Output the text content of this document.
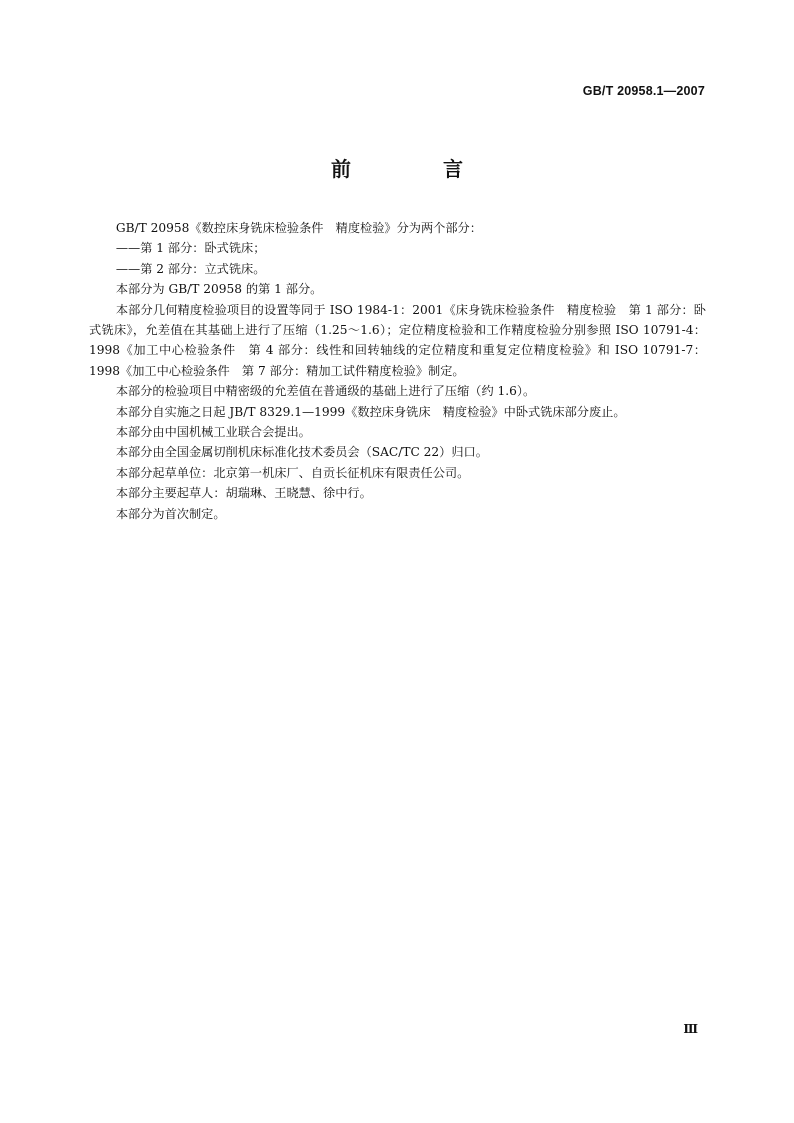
GB/T 20958.1—2007
前　言

GB/T 20958《数控床身铣床检验条件　精度检验》分为两个部分：

——第 1 部分：卧式铣床；

——第 2 部分：立式铣床。

本部分为 GB/T 20958 的第 1 部分。

本部分几何精度检验项目的设置等同于 ISO 1984-1：2001《床身铣床检验条件　精度检验　第 1 部分：卧式铣床》，允差值在其基础上进行了压缩（1.25～1.6）；定位精度检验和工作精度检验分别参照 ISO 10791-4：1998《加工中心检验条件　第 4 部分：线性和回转轴线的定位精度和重复定位精度检验》和 ISO 10791-7：1998《加工中心检验条件　第 7 部分：精加工试件精度检验》制定。

本部分的检验项目中精密级的允差值在普通级的基础上进行了压缩（约 1.6）。

本部分自实施之日起 JB/T 8329.1—1999《数控床身铣床　精度检验》中卧式铣床部分废止。

本部分由中国机械工业联合会提出。

本部分由全国金属切削机床标准化技术委员会（SAC/TC 22）归口。

本部分起草单位：北京第一机床厂、自贡长征机床有限责任公司。

本部分主要起草人：胡瑞琳、王晓慧、徐中行。

本部分为首次制定。

Ⅲ
